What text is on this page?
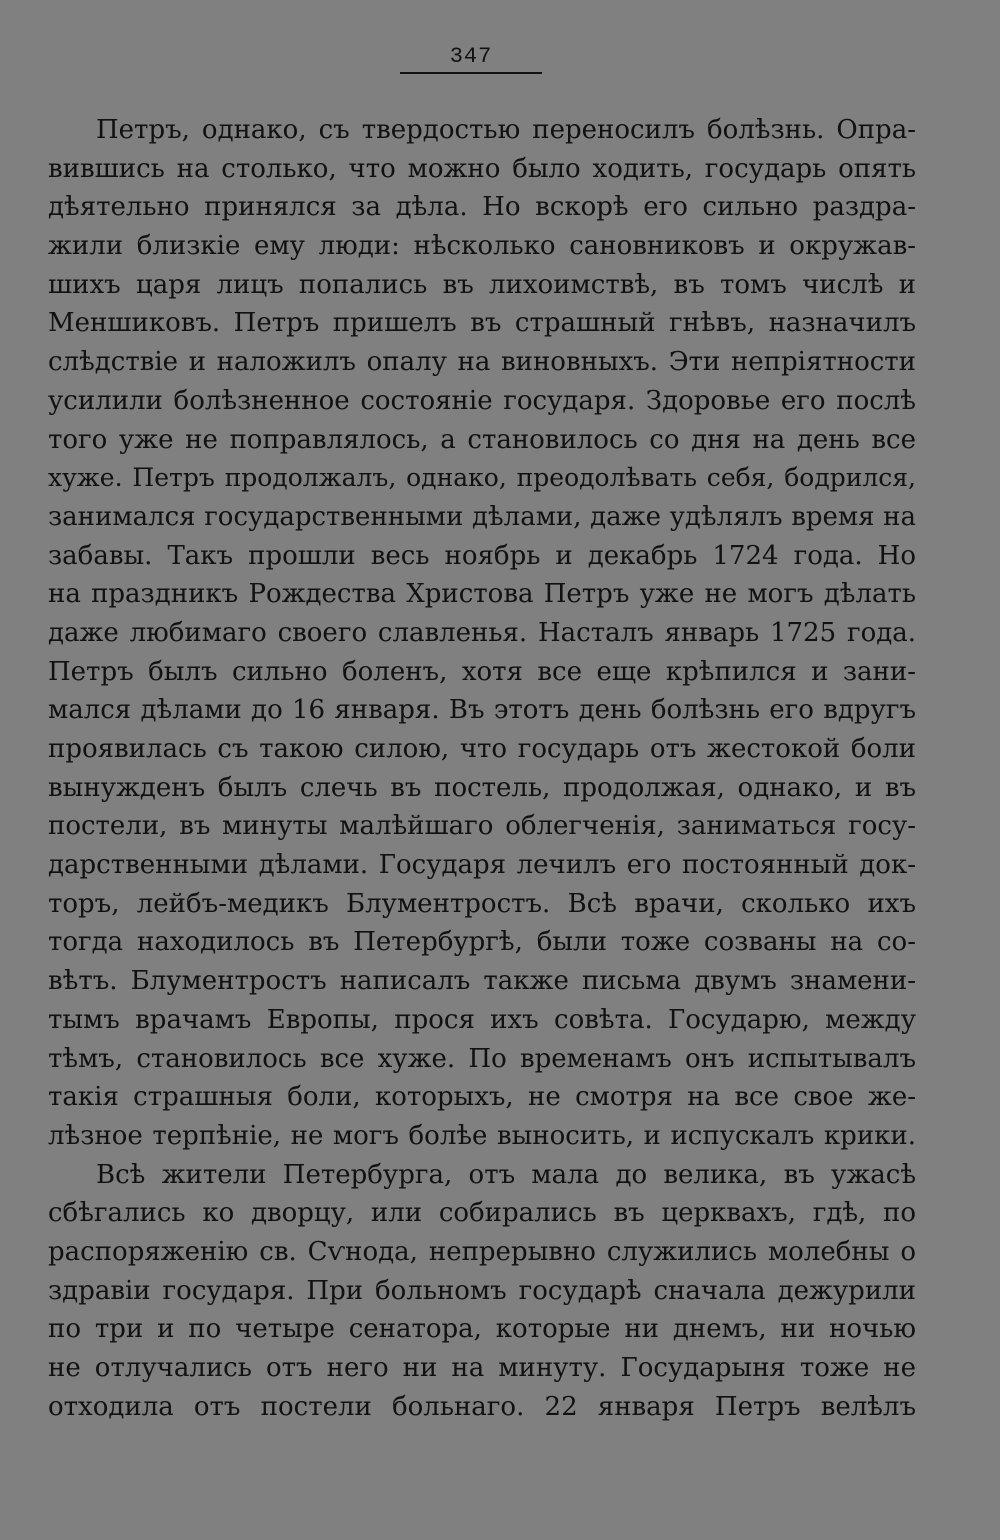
347
Петръ, однако, съ твердостью переносилъ болѣзнь. Опра-
вившись на столько, что можно было ходить, государь опять
дѣятельно принялся за дѣла. Но вскорѣ его сильно раздра-
жили близкіе ему люди: нѣсколько сановниковъ и окружав-
шихъ царя лицъ попались въ лихоимствѣ, въ томъ числѣ и
Меншиковъ. Петръ пришелъ въ страшный гнѣвъ, назначилъ
слѣдствіе и наложилъ опалу на виновныхъ. Эти непріятности
усилили болѣзненное состояніе государя. Здоровье его послѣ
того уже не поправлялось, а становилось со дня на день все
хуже. Петръ продолжалъ, однако, преодолѣвать себя, бодрился,
занимался государственными дѣлами, даже удѣлялъ время на
забавы. Такъ прошли весь ноябрь и декабрь 1724 года. Но
на праздникъ Рождества Христова Петръ уже не могъ дѣлать
даже любимаго своего славленья. Насталъ январь 1725 года.
Петръ былъ сильно боленъ, хотя все еще крѣпился и зани-
мался дѣлами до 16 января. Въ этотъ день болѣзнь его вдругъ
проявилась съ такою силою, что государь отъ жестокой боли
вынужденъ былъ слечь въ постель, продолжая, однако, и въ
постели, въ минуты малѣйшаго облегченія, заниматься госу-
дарственными дѣлами. Государя лечилъ его постоянный док-
торъ, лейбъ-медикъ Блументростъ. Всѣ врачи, сколько ихъ
тогда находилось въ Петербургѣ, были тоже созваны на со-
вѣтъ. Блументростъ написалъ также письма двумъ знамени-
тымъ врачамъ Европы, прося ихъ совѣта. Государю, между
тѣмъ, становилось все хуже. По временамъ онъ испытывалъ
такія страшныя боли, которыхъ, не смотря на все свое же-
лѣзное терпѣніе, не могъ болѣе выносить, и испускалъ крики.
Всѣ жители Петербурга, отъ мала до велика, въ ужасѣ
сбѣгались ко дворцу, или собирались въ церквахъ, гдѣ, по
распоряженію св. Сѵнода, непрерывно служились молебны о
здравіи государя. При больномъ государѣ сначала дежурили
по три и по четыре сенатора, которые ни днемъ, ни ночью
не отлучались отъ него ни на минуту. Государыня тоже не
отходила отъ постели больнаго. 22 января Петръ велѣлъ
